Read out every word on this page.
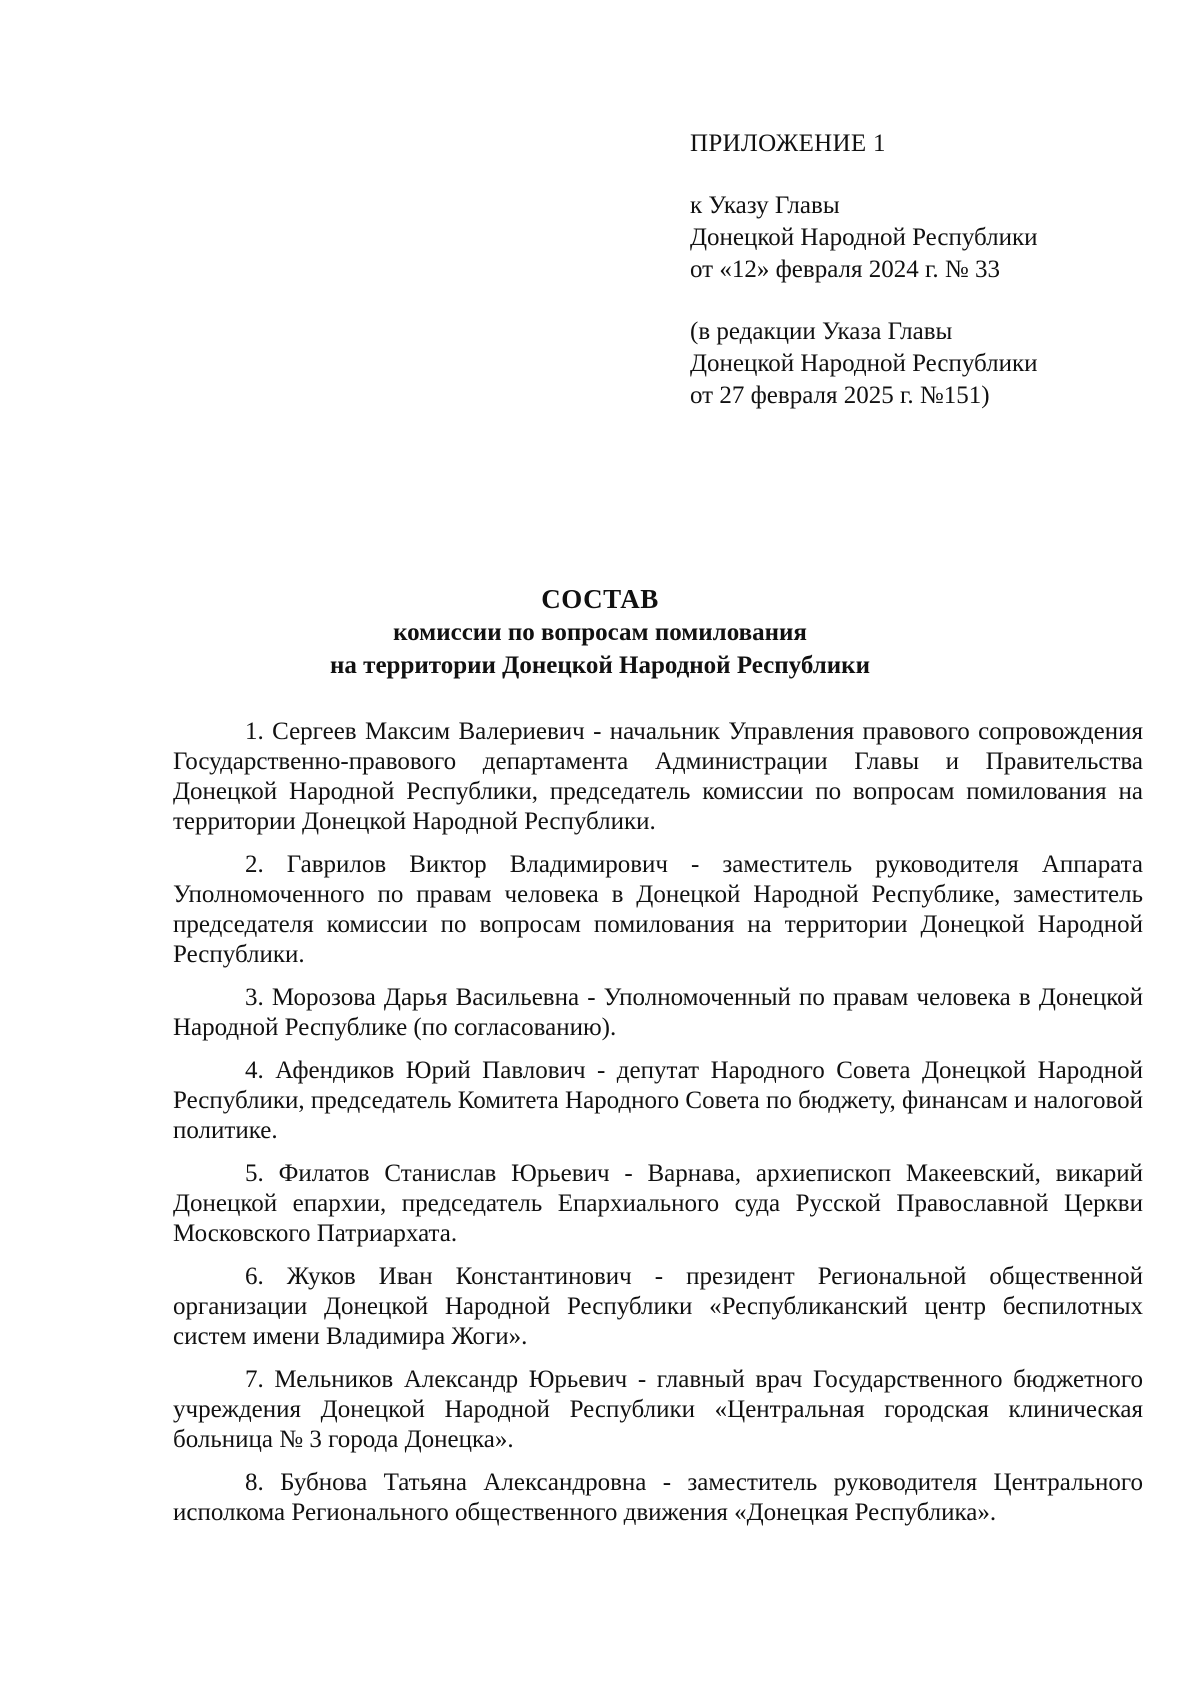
ПРИЛОЖЕНИЕ 1
к Указу Главы
Донецкой Народной Республики
от «12» февраля 2024 г. № 33
(в редакции Указа Главы
Донецкой Народной Республики
от 27 февраля 2025 г. №151)
СОСТАВ
комиссии по вопросам помилования
на территории Донецкой Народной Республики

1. Сергеев Максим Валериевич - начальник Управления правового сопровождения Государственно-правового департамента Администрации Главы и Правительства Донецкой Народной Республики, председатель комиссии по вопросам помилования на территории Донецкой Народной Республики.

2. Гаврилов Виктор Владимирович - заместитель руководителя Аппарата Уполномоченного по правам человека в Донецкой Народной Республике, заместитель председателя комиссии по вопросам помилования на территории Донецкой Народной Республики.

3. Морозова Дарья Васильевна - Уполномоченный по правам человека в Донецкой Народной Республике (по согласованию).

4. Афендиков Юрий Павлович - депутат Народного Совета Донецкой Народной Республики, председатель Комитета Народного Совета по бюджету, финансам и налоговой политике.

5. Филатов Станислав Юрьевич - Варнава, архиепископ Макеевский, викарий Донецкой епархии, председатель Епархиального суда Русской Православной Церкви Московского Патриархата.

6. Жуков Иван Константинович - президент Региональной общественной организации Донецкой Народной Республики «Республиканский центр беспилотных систем имени Владимира Жоги».

7. Мельников Александр Юрьевич - главный врач Государственного бюджетного учреждения Донецкой Народной Республики «Центральная городская клиническая больница № 3 города Донецка».

8. Бубнова Татьяна Александровна - заместитель руководителя Центрального исполкома Регионального общественного движения «Донецкая Республика».
